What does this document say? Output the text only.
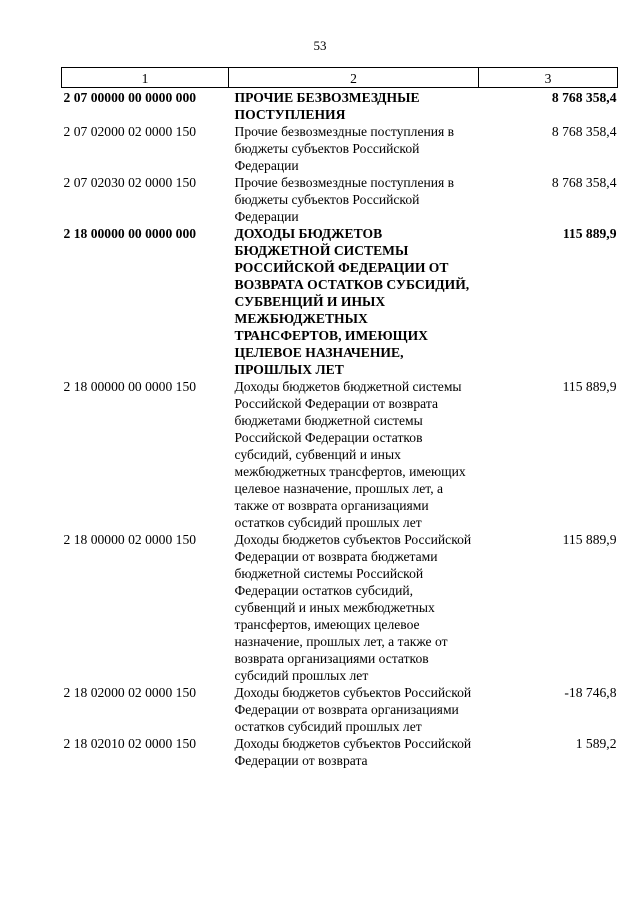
53
1	2	3
2 07 00000 00 0000 000	ПРОЧИЕ БЕЗВОЗМЕЗДНЫЕ ПОСТУПЛЕНИЯ	8 768 358,4
2 07 02000 02 0000 150	Прочие безвозмездные поступления в бюджеты субъектов Российской Федерации	8 768 358,4
2 07 02030 02 0000 150	Прочие безвозмездные поступления в бюджеты субъектов Российской Федерации	8 768 358,4
2 18 00000 00 0000 000	ДОХОДЫ БЮДЖЕТОВ БЮДЖЕТНОЙ СИСТЕМЫ РОССИЙСКОЙ ФЕДЕРАЦИИ ОТ ВОЗВРАТА ОСТАТКОВ СУБСИДИЙ, СУБВЕНЦИЙ И ИНЫХ МЕЖБЮДЖЕТНЫХ ТРАНСФЕРТОВ, ИМЕЮЩИХ ЦЕЛЕВОЕ НАЗНАЧЕНИЕ, ПРОШЛЫХ ЛЕТ	115 889,9
2 18 00000 00 0000 150	Доходы бюджетов бюджетной системы Российской Федерации от возврата бюджетами бюджетной системы Российской Федерации остатков субсидий, субвенций и иных межбюджетных трансфертов, имеющих целевое назначение, прошлых лет, а также от возврата организациями остатков субсидий прошлых лет	115 889,9
2 18 00000 02 0000 150	Доходы бюджетов субъектов Российской Федерации от возврата бюджетами бюджетной системы Российской Федерации остатков субсидий, субвенций и иных межбюджетных трансфертов, имеющих целевое назначение, прошлых лет, а также от возврата организациями остатков субсидий прошлых лет	115 889,9
2 18 02000 02 0000 150	Доходы бюджетов субъектов Российской Федерации от возврата организациями остатков субсидий прошлых лет	-18 746,8
2 18 02010 02 0000 150	Доходы бюджетов субъектов Российской Федерации от возврата	1 589,2
